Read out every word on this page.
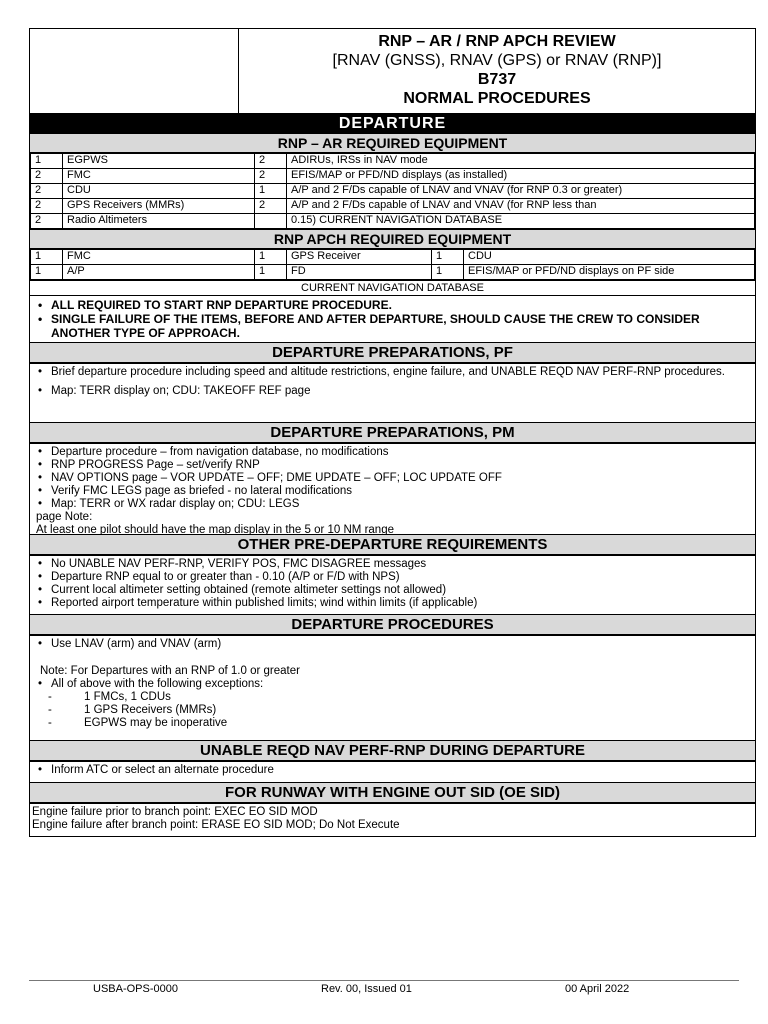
RNP – AR / RNP APCH REVIEW
[RNAV (GNSS), RNAV (GPS) or RNAV (RNP)]
B737
NORMAL PROCEDURES
DEPARTURE
RNP – AR REQUIRED EQUIPMENT
1	EGPWS	2	ADIRUs, IRSs in NAV mode
2	FMC	2	EFIS/MAP or PFD/ND displays (as installed)
2	CDU	1	A/P and 2 F/Ds capable of LNAV and VNAV (for RNP 0.3 or greater)
2	GPS Receivers (MMRs)	2	A/P and 2 F/Ds capable of LNAV and VNAV (for RNP less than
2	Radio Altimeters		0.15) CURRENT NAVIGATION DATABASE
RNP APCH REQUIRED EQUIPMENT
1	FMC	1	GPS Receiver	1	CDU
1	A/P	1	FD	1	EFIS/MAP or PFD/ND displays on PF side
CURRENT NAVIGATION DATABASE
• ALL REQUIRED TO START RNP DEPARTURE PROCEDURE.
• SINGLE FAILURE OF THE ITEMS, BEFORE AND AFTER DEPARTURE, SHOULD CAUSE THE CREW TO CONSIDER ANOTHER TYPE OF APPROACH.
DEPARTURE PREPARATIONS, PF
• Brief departure procedure including speed and altitude restrictions, engine failure, and UNABLE REQD NAV PERF-RNP procedures.
• Map: TERR display on; CDU: TAKEOFF REF page
DEPARTURE PREPARATIONS, PM
• Departure procedure – from navigation database, no modifications
• RNP PROGRESS Page – set/verify RNP
• NAV OPTIONS page – VOR UPDATE – OFF; DME UPDATE – OFF; LOC UPDATE OFF
• Verify FMC LEGS page as briefed - no lateral modifications
• Map: TERR or WX radar display on; CDU: LEGS

page Note:

At least one pilot should have the map display in the 5 or 10 NM range

OTHER PRE-DEPARTURE REQUIREMENTS
• No UNABLE NAV PERF-RNP, VERIFY POS, FMC DISAGREE messages
• Departure RNP equal to or greater than - 0.10 (A/P or F/D with NPS)
• Current local altimeter setting obtained (remote altimeter settings not allowed)
• Reported airport temperature within published limits; wind within limits (if applicable)
DEPARTURE PROCEDURES
• Use LNAV (arm) and VNAV (arm)

Note: For Departures with an RNP of 1.0 or greater

• All of above with the following exceptions:
- 1 FMCs, 1 CDUs
- 1 GPS Receivers (MMRs)
- EGPWS may be inoperative
UNABLE REQD NAV PERF-RNP DURING DEPARTURE
• Inform ATC or select an alternate procedure
FOR RUNWAY WITH ENGINE OUT SID (OE SID)

Engine failure prior to branch point: EXEC EO SID MOD

Engine failure after branch point: ERASE EO SID MOD; Do Not Execute

USBA-OPS-0000	Rev. 00, Issued 01	00 April 2022
